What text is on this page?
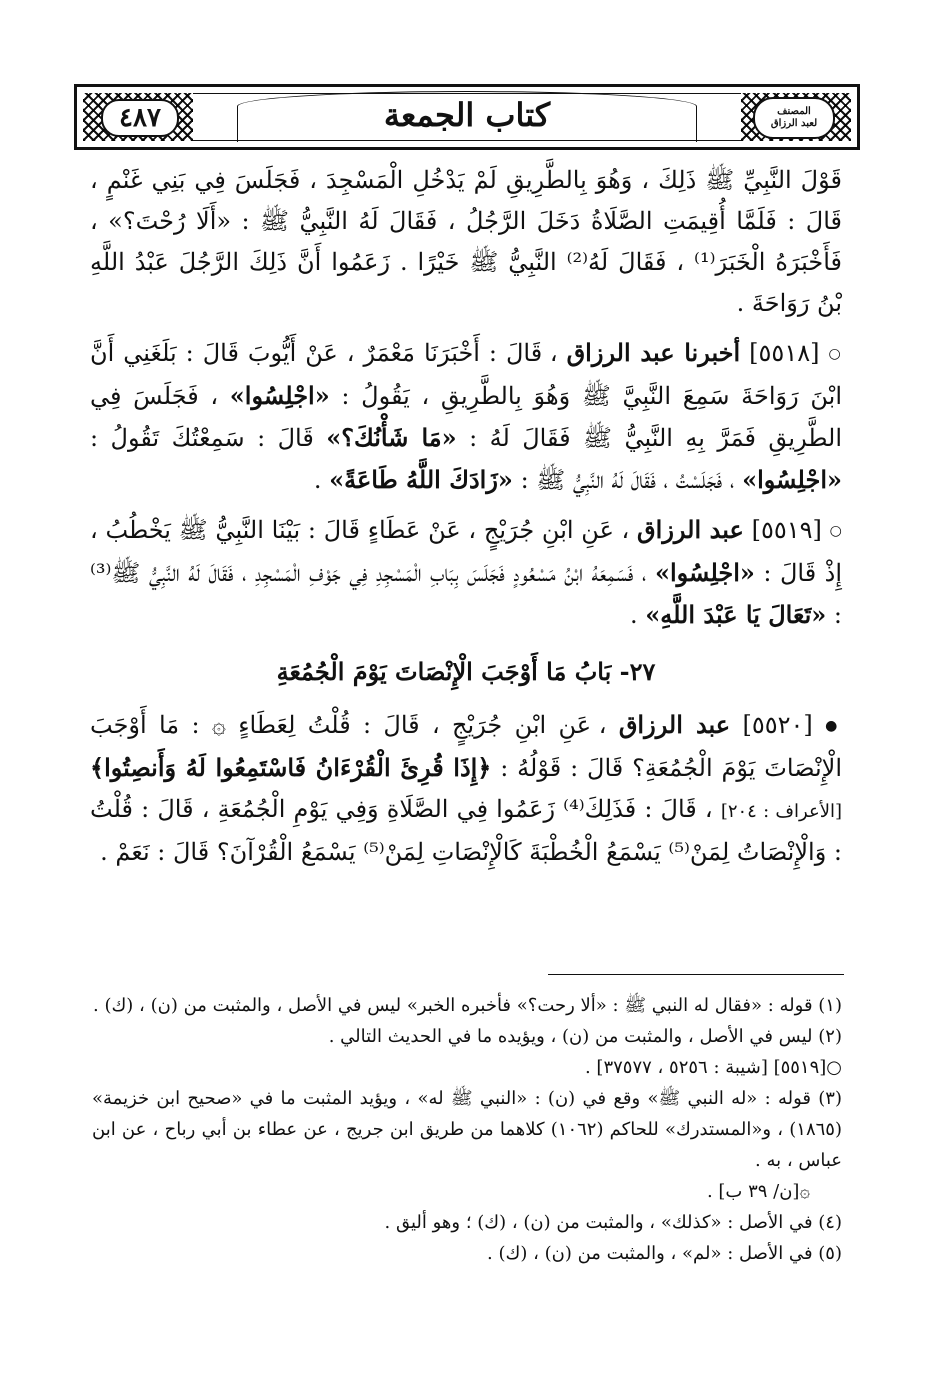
٤٨٧	المصنف
لعبد الرزاق
كتاب الجمعة

قَوْلَ النَّبِيِّ ﷺ ذَلِكَ ، وَهُوَ بِالطَّرِيقِ لَمْ يَدْخُلِ الْمَسْجِدَ ، فَجَلَسَ فِي بَنِي غَنْمٍ ، قَالَ : فَلَمَّا أُقِيمَتِ الصَّلَاةُ دَخَلَ الرَّجُلُ ، فَقَالَ لَهُ النَّبِيُّ ﷺ : «أَلَا رُحْتَ؟» ، فَأَخْبَرَهُ الْخَبَرَ⁽¹⁾ ، فَقَالَ لَهُ⁽²⁾ النَّبِيُّ ﷺ خَيْرًا . زَعَمُوا أَنَّ ذَلِكَ الرَّجُلَ عَبْدُ اللَّهِ بْنُ رَوَاحَةَ .

○ [٥٥١٨] أخبرنا عبد الرزاق ، قَالَ : أَخْبَرَنَا مَعْمَرٌ ، عَنْ أَيُّوبَ قَالَ : بَلَغَنِي أَنَّ ابْنَ رَوَاحَةَ سَمِعَ النَّبِيَّ ﷺ وَهُوَ بِالطَّرِيقِ ، يَقُولُ : «اجْلِسُوا» ، فَجَلَسَ فِي الطَّرِيقِ فَمَرَّ بِهِ النَّبِيُّ ﷺ فَقَالَ لَهُ : «مَا شَأْنُكَ؟» قَالَ : سَمِعْتُكَ تَقُولُ : «اجْلِسُوا» ، فَجَلَسْتُ ، فَقَالَ لَهُ النَّبِيُّ ﷺ : «زَادَكَ اللَّهُ طَاعَةً» .

○ [٥٥١٩] عبد الرزاق ، عَنِ ابْنِ جُرَيْجٍ ، عَنْ عَطَاءٍ قَالَ : بَيْنَا النَّبِيُّ ﷺ يَخْطُبُ ، إِذْ قَالَ : «اجْلِسُوا» ، فَسَمِعَهُ ابْنُ مَسْعُودٍ فَجَلَسَ بِبَابِ الْمَسْجِدِ فِي جَوْفِ الْمَسْجِدِ ، فَقَالَ لَهُ النَّبِيُّ ﷺ⁽³⁾ : «تَعَالَ يَا عَبْدَ اللَّهِ» .

٢٧- بَابُ مَا أَوْجَبَ الْإِنْصَاتَ يَوْمَ الْجُمُعَةِ

● [٥٥٢٠] عبد الرزاق ، عَنِ ابْنِ جُرَيْجٍ ، قَالَ : قُلْتُ لِعَطَاءٍ ۞ : مَا أَوْجَبَ الْإِنْصَاتَ يَوْمَ الْجُمُعَةِ؟ قَالَ : قَوْلُهُ : ﴿إِذَا قُرِئَ الْقُرْءَانُ فَاسْتَمِعُوا لَهُ وَأَنصِتُوا﴾ [الأعراف : ٢٠٤] ، قَالَ : فَذَلِكَ⁽⁴⁾ زَعَمُوا فِي الصَّلَاةِ وَفِي يَوْمِ الْجُمُعَةِ ، قَالَ : قُلْتُ : وَالْإِنْصَاتُ لِمَنْ⁽⁵⁾ يَسْمَعُ الْخُطْبَةَ كَالْإِنْصَاتِ لِمَنْ⁽⁵⁾ يَسْمَعُ الْقُرْآنَ؟ قَالَ : نَعَمْ .

(١) قوله : «فقال له النبي ﷺ : «ألا رحت؟» فأخبره الخبر» ليس في الأصل ، والمثبت من (ن) ، (ك) .

(٢) ليس في الأصل ، والمثبت من (ن) ، ويؤيده ما في الحديث التالي .

○[٥٥١٩] [شيبة : ٥٢٥٦ ، ٣٧٥٧٧] .

(٣) قوله : «له النبي ﷺ» وقع في (ن) : «النبي ﷺ له» ، ويؤيد المثبت ما في «صحيح ابن خزيمة» (١٨٦٥) ، و«المستدرك» للحاكم (١٠٦٢) كلاهما من طريق ابن جريج ، عن عطاء بن أبي رباح ، عن ابن عباس ، به .

۞[ن/ ٣٩ ب] .

(٤) في الأصل : «كذلك» ، والمثبت من (ن) ، (ك) ؛ وهو أليق .

(٥) في الأصل : «لم» ، والمثبت من (ن) ، (ك) .
